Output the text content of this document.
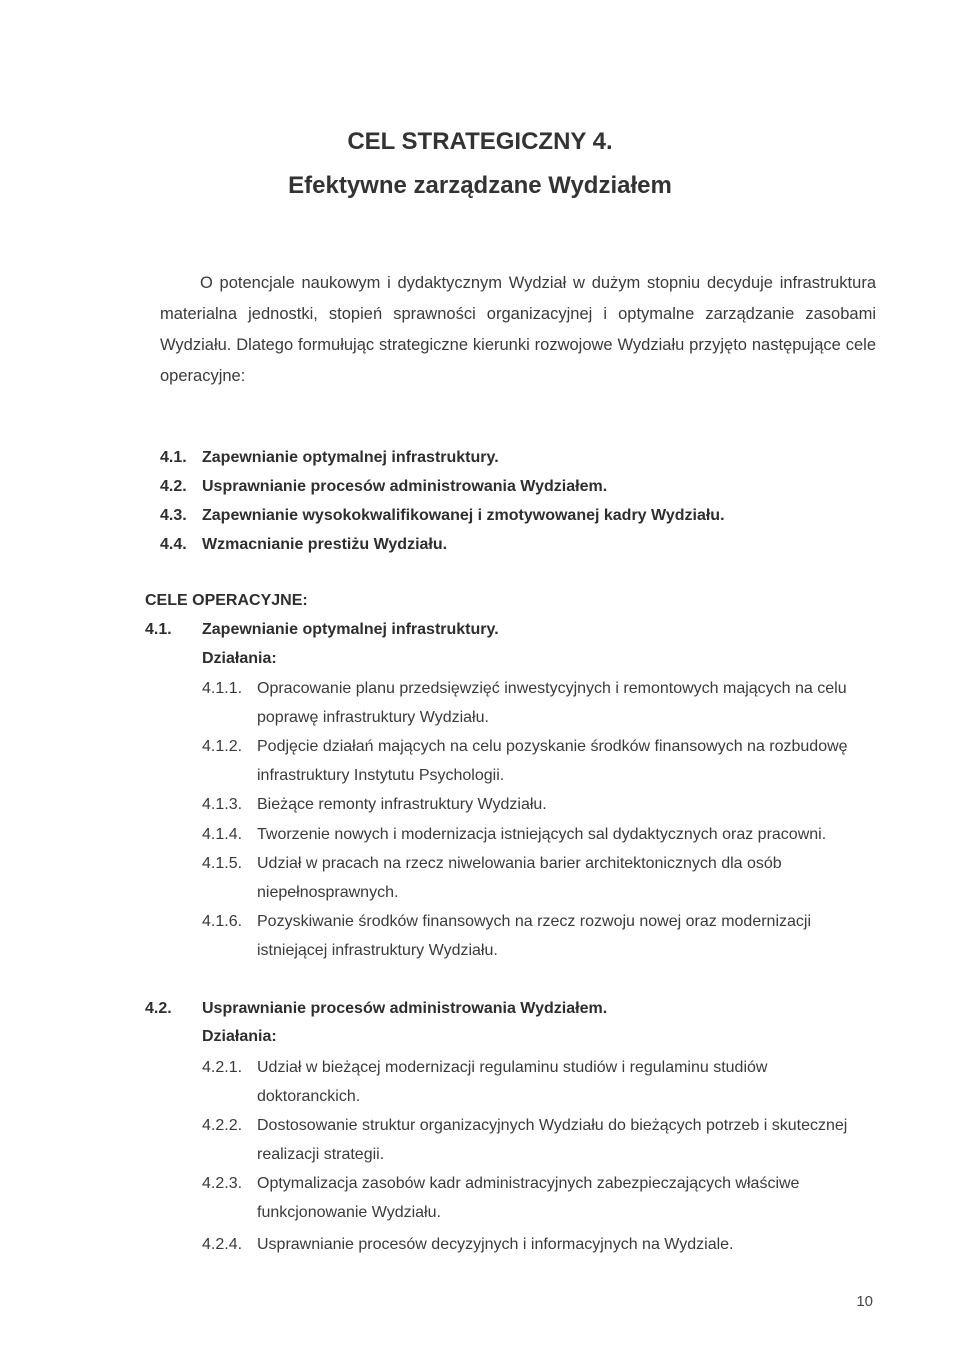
CEL STRATEGICZNY 4.
Efektywne zarządzane Wydziałem

O potencjale naukowym i dydaktycznym Wydział w dużym stopniu decyduje infrastruktura materialna jednostki, stopień sprawności organizacyjnej i optymalne zarządzanie zasobami Wydziału. Dlatego formułując strategiczne kierunki rozwojowe Wydziału przyjęto następujące cele operacyjne:

4.1. Zapewnianie optymalnej infrastruktury.
4.2. Usprawnianie procesów administrowania Wydziałem.
4.3. Zapewnianie wysokokwalifikowanej i zmotywowanej kadry Wydziału.
4.4. Wzmacnianie prestiżu Wydziału.
CELE OPERACYJNE:
4.1. Zapewnianie optymalnej infrastruktury.
Działania:
4.1.1. Opracowanie planu przedsięwzięć inwestycyjnych i remontowych mających na celu poprawę infrastruktury Wydziału.
4.1.2. Podjęcie działań mających na celu pozyskanie środków finansowych na rozbudowę infrastruktury Instytutu Psychologii.
4.1.3. Bieżące remonty infrastruktury Wydziału.
4.1.4. Tworzenie nowych i modernizacja istniejących sal dydaktycznych oraz pracowni.
4.1.5. Udział w pracach na rzecz niwelowania barier architektonicznych dla osób niepełnosprawnych.
4.1.6. Pozyskiwanie środków finansowych na rzecz rozwoju nowej oraz modernizacji istniejącej infrastruktury Wydziału.
4.2. Usprawnianie procesów administrowania Wydziałem.
Działania:
4.2.1. Udział w bieżącej modernizacji regulaminu studiów i regulaminu studiów doktoranckich.
4.2.2. Dostosowanie struktur organizacyjnych Wydziału do bieżących potrzeb i skutecznej realizacji strategii.
4.2.3. Optymalizacja zasobów kadr administracyjnych zabezpieczających właściwe funkcjonowanie Wydziału.
4.2.4. Usprawnianie procesów decyzyjnych i informacyjnych na Wydziale.
10
